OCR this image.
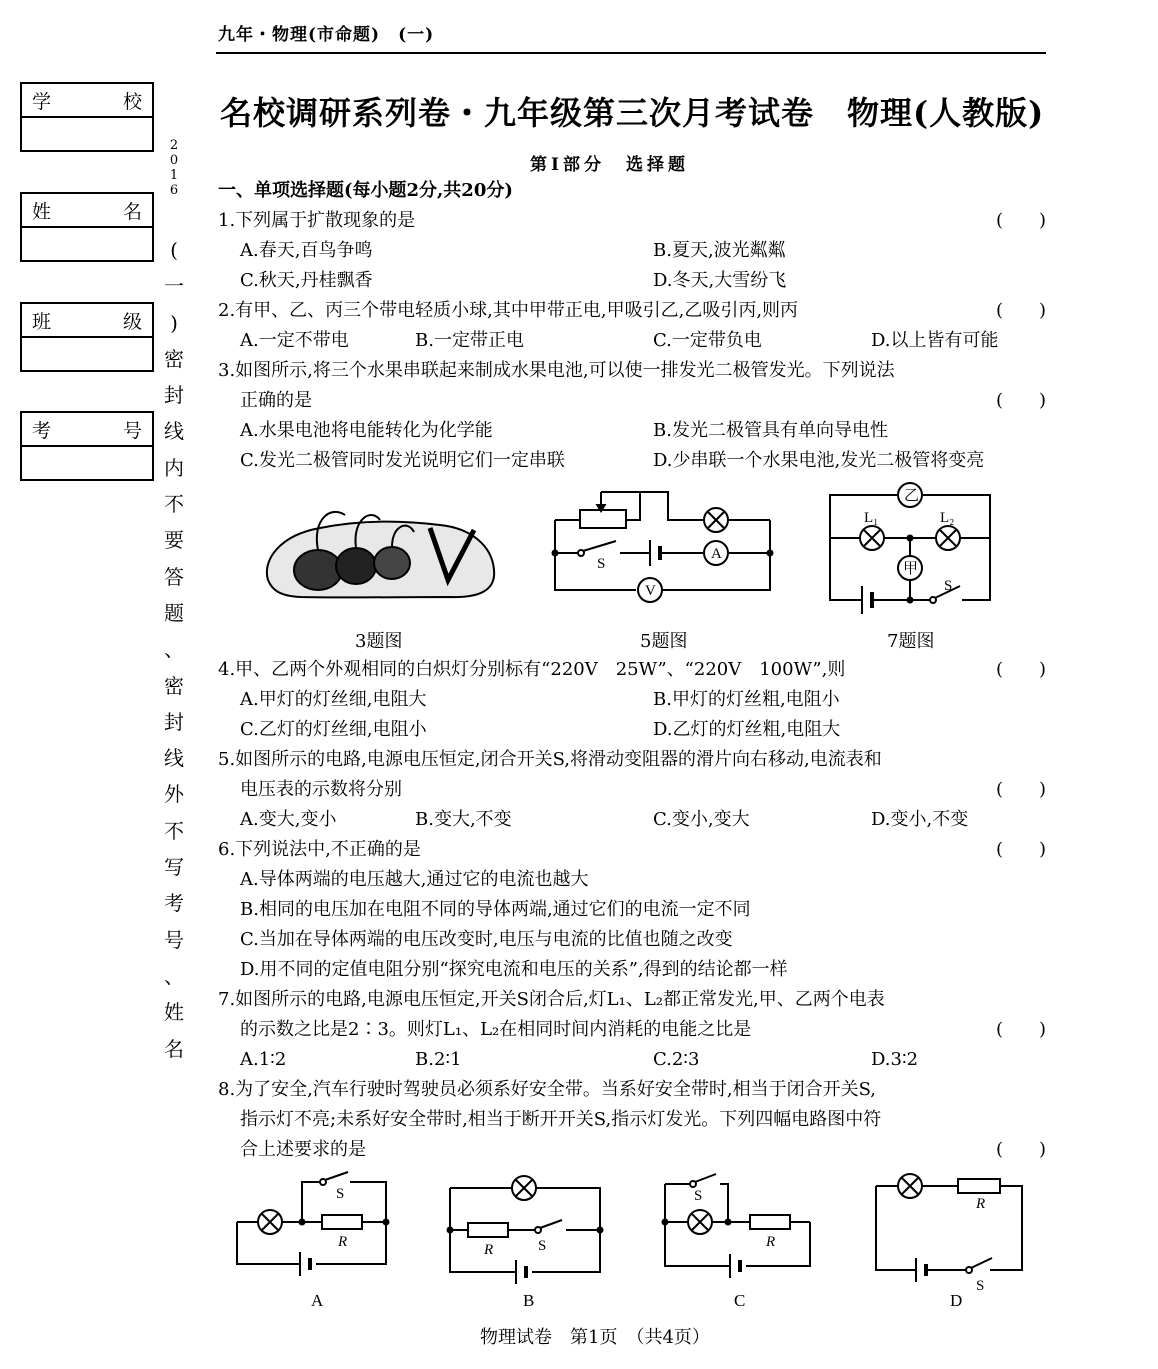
九年・物理(市命题)　(一)
名校调研系列卷・九年级第三次月考试卷　物理(人教版)
第Ⅰ部分　选择题
学	校
姓	名
班	级
考	号
2
0
1
6
(
一
)
密
封
线
内
不
要
答
题
、
密
封
线
外
不
写
考
号
、
姓
名
一、单项选择题(每小题2分,共20分)
1.下列属于扩散现象的是	(　　)
A.春天,百鸟争鸣	B.夏天,波光粼粼
C.秋天,丹桂飘香	D.冬天,大雪纷飞
2.有甲、乙、丙三个带电轻质小球,其中甲带正电,甲吸引乙,乙吸引丙,则丙	(　　)
A.一定不带电	B.一定带正电	C.一定带负电	D.以上皆有可能
3.如图所示,将三个水果串联起来制成水果电池,可以使一排发光二极管发光。下列说法
正确的是	(　　)
A.水果电池将电能转化为化学能	B.发光二极管具有单向导电性
C.发光二极管同时发光说明它们一定串联	D.少串联一个水果电池,发光二极管将变亮
4.甲、乙两个外观相同的白炽灯分别标有“220V　25W”、“220V　100W”,则	(　　)
A.甲灯的灯丝细,电阻大	B.甲灯的灯丝粗,电阻小
C.乙灯的灯丝细,电阻小	D.乙灯的灯丝粗,电阻大
5.如图所示的电路,电源电压恒定,闭合开关S,将滑动变阻器的滑片向右移动,电流表和
电压表的示数将分别	(　　)
A.变大,变小	B.变大,不变	C.变小,变大	D.变小,不变
6.下列说法中,不正确的是	(　　)
A.导体两端的电压越大,通过它的电流也越大
B.相同的电压加在电阻不同的导体两端,通过它们的电流一定不同
C.当加在导体两端的电压改变时,电压与电流的比值也随之改变
D.用不同的定值电阻分别“探究电流和电压的关系”,得到的结论都一样
7.如图所示的电路,电源电压恒定,开关S闭合后,灯L₁、L₂都正常发光,甲、乙两个电表
的示数之比是2∶3。则灯L₁、L₂在相同时间内消耗的电能之比是	(　　)
A.1∶2	B.2∶1	C.2∶3	D.3∶2
8.为了安全,汽车行驶时驾驶员必须系好安全带。当系好安全带时,相当于闭合开关S,
指示灯不亮;未系好安全带时,相当于断开开关S,指示灯发光。下列四幅电路图中符
合上述要求的是	(　　)
S
A
V
乙
甲
L₁	L₂
S
S
R	R	S
S
R
R
S
A	B	C	D
3题图	5题图	7题图
物理试卷　第1页　（共4页）
